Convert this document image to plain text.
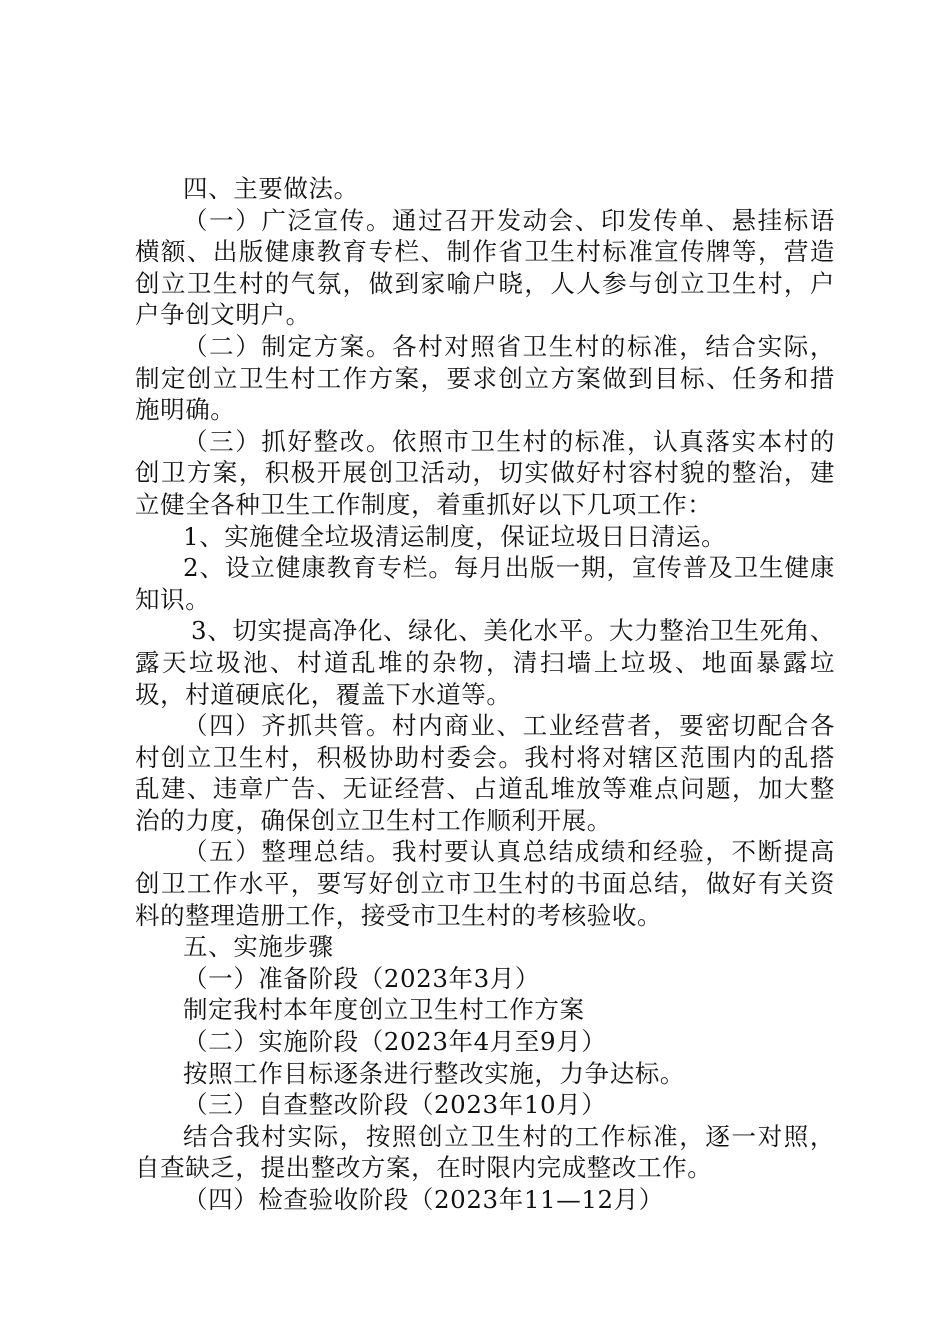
四、主要做法。

（一）广泛宣传。通过召开发动会、印发传单、悬挂标语横额、出版健康教育专栏、制作省卫生村标准宣传牌等，营造创立卫生村的气氛，做到家喻户晓，人人参与创立卫生村，户户争创文明户。

（二）制定方案。各村对照省卫生村的标准，结合实际，制定创立卫生村工作方案，要求创立方案做到目标、任务和措施明确。

（三）抓好整改。依照市卫生村的标准，认真落实本村的创卫方案，积极开展创卫活动，切实做好村容村貌的整治，建立健全各种卫生工作制度，着重抓好以下几项工作：

1、实施健全垃圾清运制度，保证垃圾日日清运。

2、设立健康教育专栏。每月出版一期，宣传普及卫生健康知识。

3、切实提高净化、绿化、美化水平。大力整治卫生死角、露天垃圾池、村道乱堆的杂物，清扫墙上垃圾、地面暴露垃圾，村道硬底化，覆盖下水道等。

（四）齐抓共管。村内商业、工业经营者，要密切配合各村创立卫生村，积极协助村委会。我村将对辖区范围内的乱搭乱建、违章广告、无证经营、占道乱堆放等难点问题，加大整治的力度，确保创立卫生村工作顺利开展。

（五）整理总结。我村要认真总结成绩和经验，不断提高创卫工作水平，要写好创立市卫生村的书面总结，做好有关资料的整理造册工作，接受市卫生村的考核验收。

五、实施步骤

（一）准备阶段（2023年3月）

制定我村本年度创立卫生村工作方案

（二）实施阶段（2023年4月至9月）

按照工作目标逐条进行整改实施，力争达标。

（三）自查整改阶段（2023年10月）

结合我村实际，按照创立卫生村的工作标准，逐一对照，自查缺乏，提出整改方案，在时限内完成整改工作。

（四）检查验收阶段（2023年11—12月）
